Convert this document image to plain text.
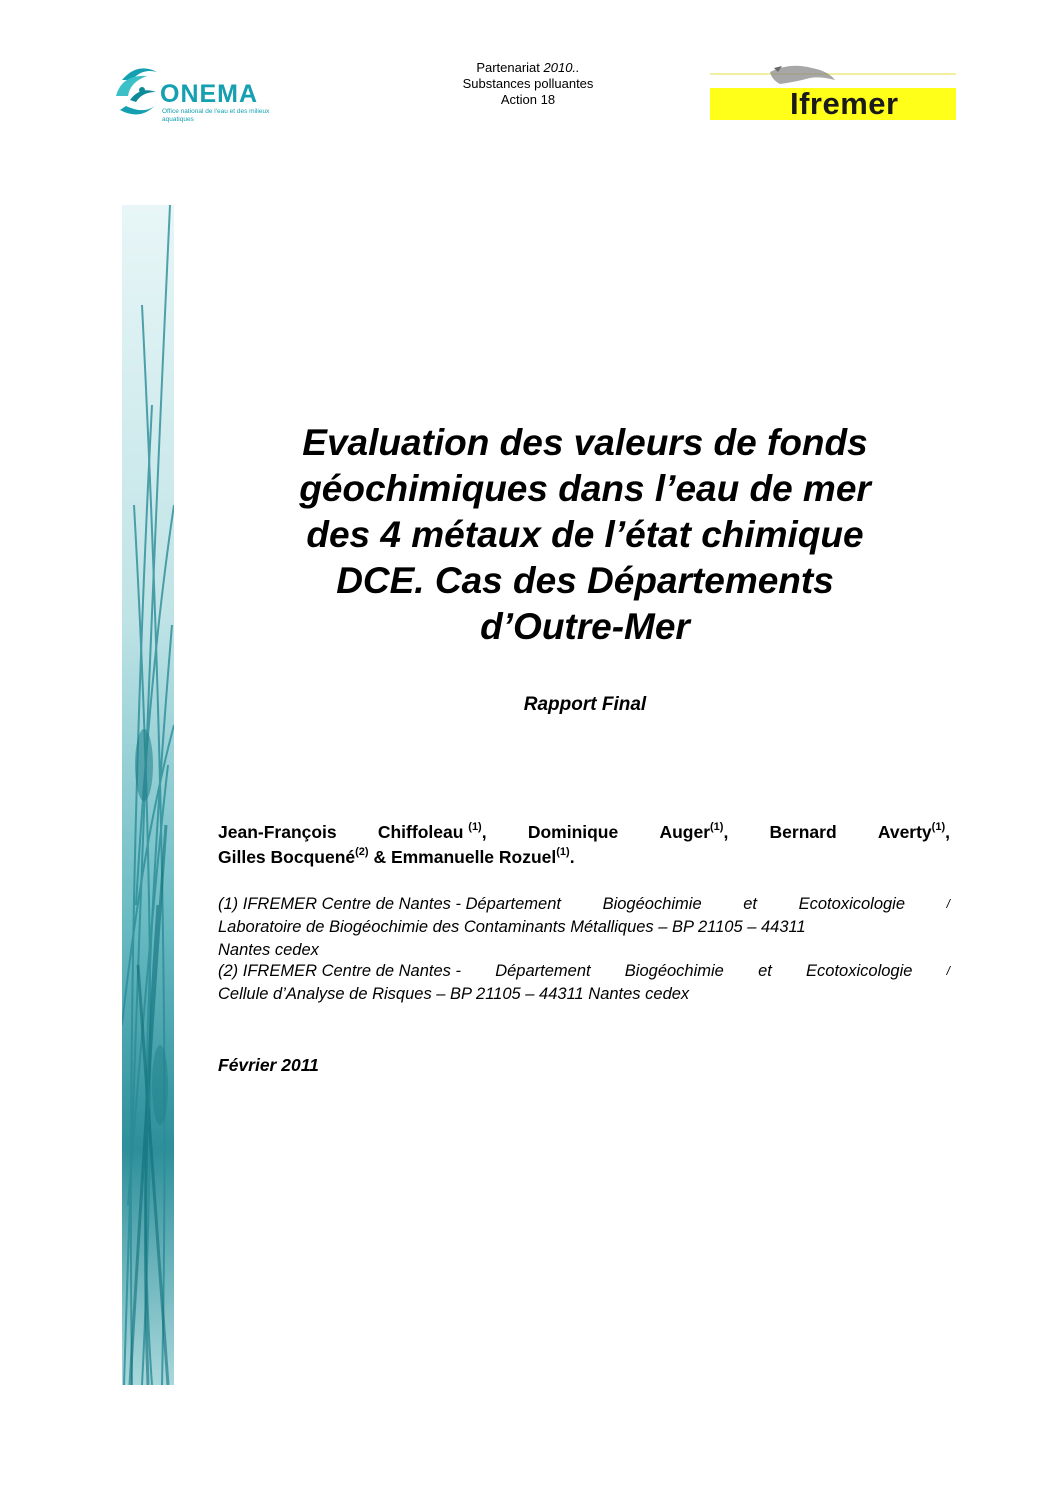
ONEMA
Office national de l'eau et des milieux aquatiques
Partenariat 2010..
Substances polluantes
Action 18	Ifremer
Evaluation des valeurs de fonds
géochimiques dans l’eau de mer
des 4 métaux de l’état chimique
DCE. Cas des Départements
d’Outre-Mer
Rapport Final
Jean-François Chiffoleau $^{(1)}$, Dominique Auger$^{(1)}$, Bernard Averty$^{(1)}$,
Gilles Bocquené$^{(2)}$ & Emmanuelle Rozuel$^{(1)}$.
(1) IFREMER Centre de Nantes - Département	Biogéochimie	et	Ecotoxicologie	/
Laboratoire de Biogéochimie des Contaminants Métalliques – BP 21105 – 44311
Nantes cedex
(2) IFREMER Centre de Nantes - Département Biogéochimie et Ecotoxicologie	/
Cellule d’Analyse de Risques – BP 21105 – 44311 Nantes cedex
Février 2011
